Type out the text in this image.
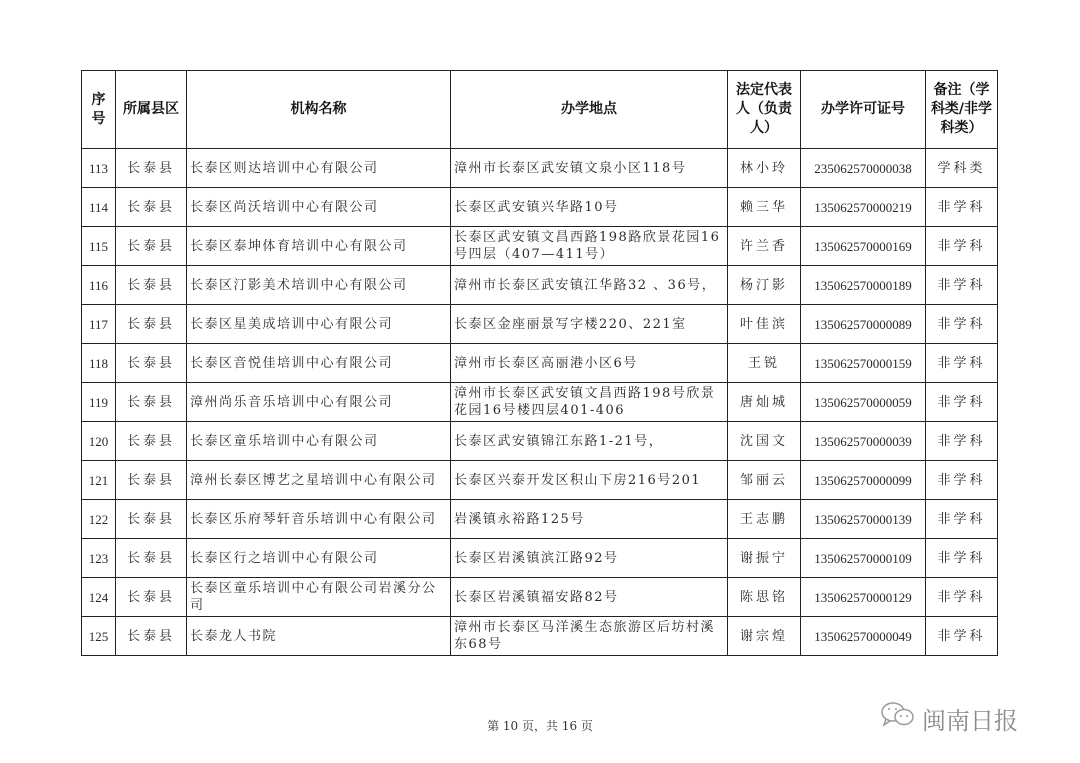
序号	所属县区	机构名称	办学地点	法定代表人（负责人）	办学许可证号	备注（学科类/非学科类）
113	长泰县	长泰区则达培训中心有限公司	漳州市长泰区武安镇文泉小区118号	林小玲	235062570000038	学科类
114	长泰县	长泰区尚沃培训中心有限公司	长泰区武安镇兴华路10号	赖三华	135062570000219	非学科
115	长泰县	长泰区泰坤体育培训中心有限公司	长泰区武安镇文昌西路198路欣景花园16号四层（407—411号）	许兰香	135062570000169	非学科
116	长泰县	长泰区汀影美术培训中心有限公司	漳州市长泰区武安镇江华路32 、36号，	杨汀影	135062570000189	非学科
117	长泰县	长泰区星美成培训中心有限公司	长泰区金座丽景写字楼220、221室	叶佳滨	135062570000089	非学科
118	长泰县	长泰区音悦佳培训中心有限公司	漳州市长泰区高丽港小区6号	王锐	135062570000159	非学科
119	长泰县	漳州尚乐音乐培训中心有限公司	漳州市长泰区武安镇文昌西路198号欣景花园16号楼四层401-406	唐灿城	135062570000059	非学科
120	长泰县	长泰区童乐培训中心有限公司	长泰区武安镇锦江东路1-21号，	沈国文	135062570000039	非学科
121	长泰县	漳州长泰区博艺之星培训中心有限公司	长泰区兴泰开发区积山下房216号201	邹丽云	135062570000099	非学科
122	长泰县	长泰区乐府琴轩音乐培训中心有限公司	岩溪镇永裕路125号	王志鹏	135062570000139	非学科
123	长泰县	长泰区行之培训中心有限公司	长泰区岩溪镇滨江路92号	谢振宁	135062570000109	非学科
124	长泰县	长泰区童乐培训中心有限公司岩溪分公司	长泰区岩溪镇福安路82号	陈思铭	135062570000129	非学科
125	长泰县	长泰龙人书院	漳州市长泰区马洋溪生态旅游区后坊村溪东68号	谢宗煌	135062570000049	非学科
第 10 页，共 16 页	闽南日报
